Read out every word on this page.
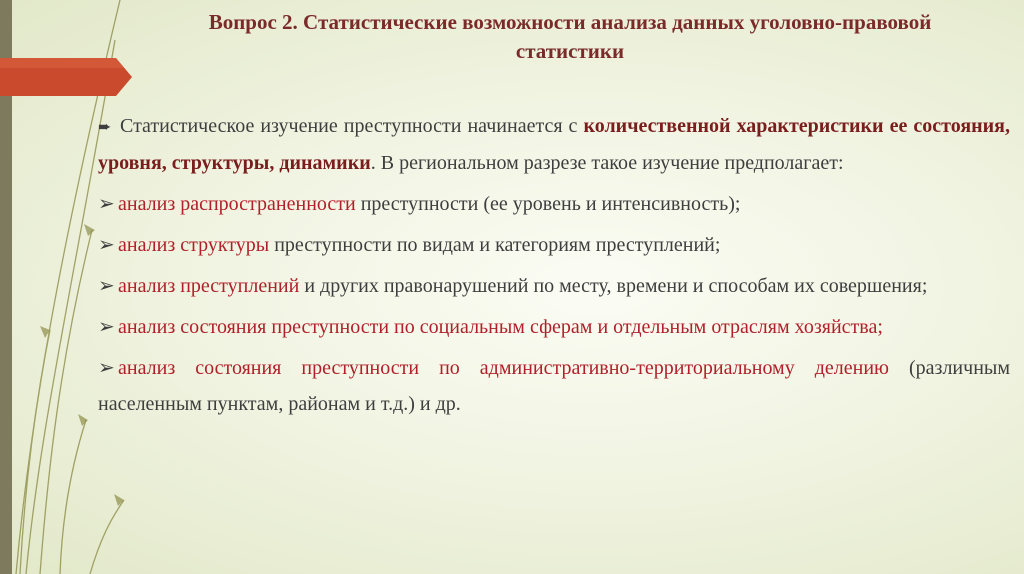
Вопрос 2. Статистические возможности анализа данных уголовно-правовой статистики

➨ Статистическое изучение преступности начинается с количественной характеристики ее состояния, уровня, структуры, динамики. В региональном разрезе такое изучение предполагает:

➢ анализ распространенности преступности (ее уровень и интенсивность);

➢ анализ структуры преступности по видам и категориям преступлений;

➢ анализ преступлений и других правонарушений по месту, времени и способам их совершения;

➢ анализ состояния преступности по социальным сферам и отдельным отраслям хозяйства;

➢ анализ состояния преступности по административно-территориальному делению (различным населенным пунктам, районам и т.д.) и др.
